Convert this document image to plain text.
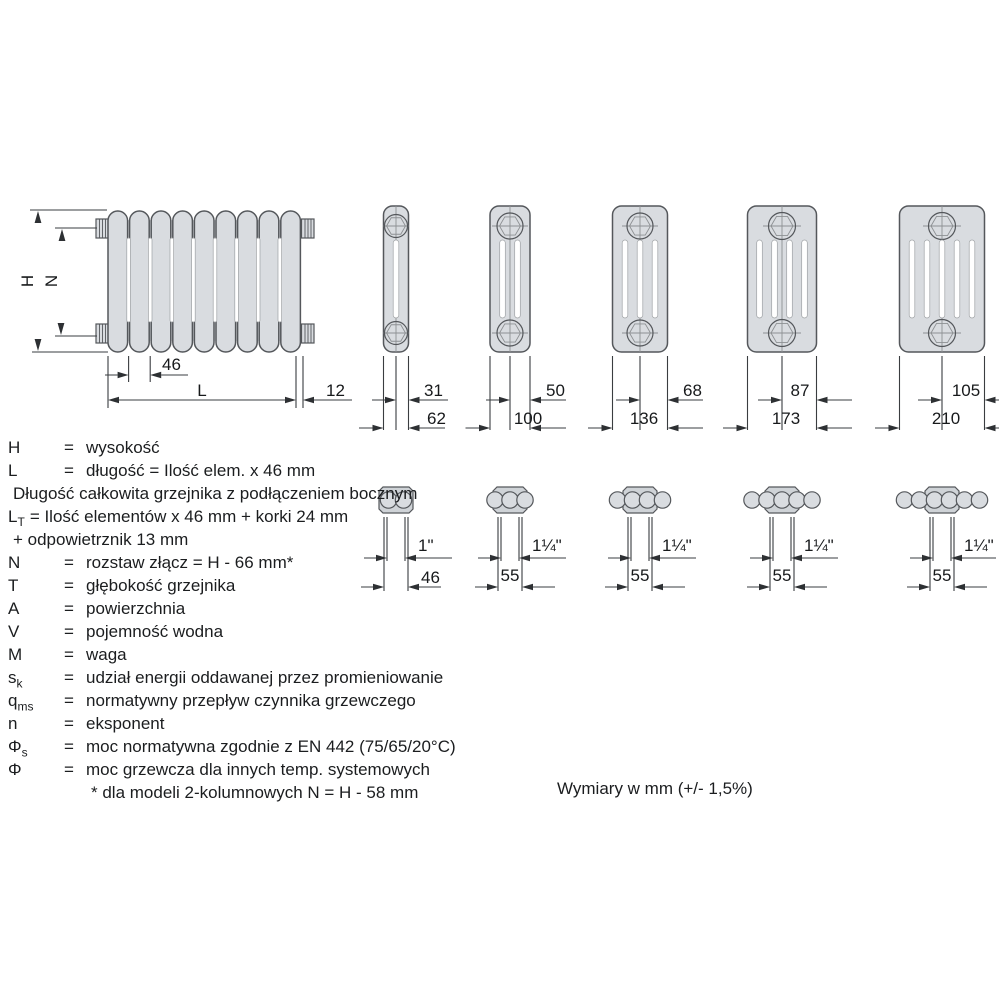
H N
46
L	12	31
62
50
100
68
136
87
173
105
210
1"
46
1¼"
55
1¼"
55
1¼"
55
1¼"
55
H	= wysokość
L	= długość = Ilość elem. x 46 mm
Długość całkowita grzejnika z podłączeniem bocznym
$L_T$ = Ilość elementów x 46 mm + korki 24 mm
+ odpowietrznik 13 mm
N	= rozstaw złącz = H - 66 mm*
T	= głębokość grzejnika
A	= powierzchnia
V	= pojemność wodna
M = waga
$s_k$ = udział energii oddawanej przez promieniowanie
$q_{ms}$ = normatywny przepływ czynnika grzewczego
n	= eksponent
$\Phi_s$ = moc normatywna zgodnie z EN 442 (75/65/20°C)
Φ = moc grzewcza dla innych temp. systemowych
* dla modeli 2-kolumnowych N = H - 58 mm	Wymiary w mm (+/- 1,5%)
